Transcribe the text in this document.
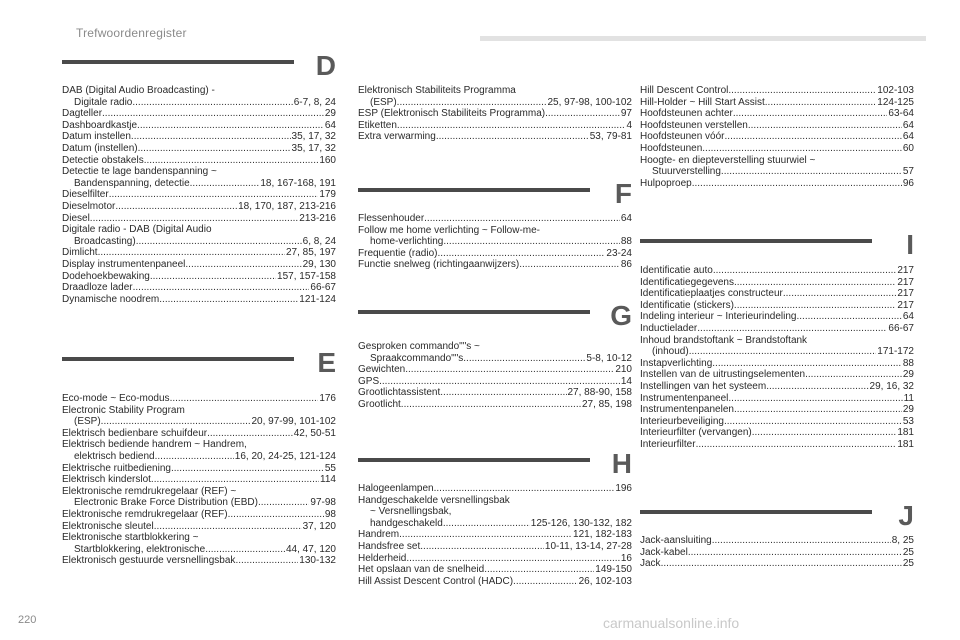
Trefwoordenregister
D
DAB (Digital Audio Broadcasting) -
Digitale radio .....	6-7, 8, 24
Dagteller .....	29
Dashboardkastje .....	64
Datum instellen .....	35, 17, 32
Datum (instellen) .....	35, 17, 32
Detectie obstakels .....	160
Detectie te lage bandenspanning ~
Bandenspanning, detectie .....	18, 167-168, 191
Dieselfilter .....	179
Dieselmotor .....	18, 170, 187, 213-216
Diesel .....	213-216
Digitale radio - DAB (Digital Audio
Broadcasting) .....	6, 8, 24
Dimlicht .....	27, 85, 197
Display instrumentenpaneel .....	29, 130
Dodehoekbewaking .....	157, 157-158
Draadloze lader .....	66-67
Dynamische noodrem .....	121-124
E
Eco-mode ~ Eco-modus .....	176
Electronic Stability Program
(ESP) .....	20, 97-99, 101-102
Elektrisch bedienbare schuifdeur .....	42, 50-51
Elektrisch bediende handrem ~ Handrem,
elektrisch bediend .....	16, 20, 24-25, 121-124
Elektrische ruitbediening .....	55
Elektrisch kinderslot .....	114
Elektronische remdrukregelaar (REF) ~
Electronic Brake Force Distribution (EBD) .....	97-98
Elektronische remdrukregelaar (REF) .....	98
Elektronische sleutel .....	37, 120
Elektronische startblokkering ~
Startblokkering, elektronische .....	44, 47, 120
Elektronisch gestuurde versnellingsbak .....	130-132
Elektronisch Stabiliteits Programma
(ESP) .....	25, 97-98, 100-102
ESP (Elektronisch Stabiliteits Programma) .....	97
Etiketten .....	4
Extra verwarming .....	53, 79-81
F
Flessenhouder .....	64
Follow me home verlichting ~ Follow-me-
home-verlichting .....	88
Frequentie (radio) .....	23-24
Functie snelweg (richtingaanwijzers) .....	86
G
Gesproken commando""s ~
Spraakcommando""s .....	5-8, 10-12
Gewichten .....	210
GPS .....	14
Grootlichtassistent .....	27, 88-90, 158
Grootlicht .....	27, 85, 198
H
Halogeenlampen .....	196
Handgeschakelde versnellingsbak
~ Versnellingsbak,
handgeschakeld .....	125-126, 130-132, 182
Handrem .....	121, 182-183
Handsfree set .....	10-11, 13-14, 27-28
Helderheid .....	16
Het opslaan van de snelheid .....	149-150
Hill Assist Descent Control (HADC) .....	26, 102-103
Hill Descent Control .....	102-103
Hill-Holder ~ Hill Start Assist .....	124-125
Hoofdsteunen achter .....	63-64
Hoofdsteunen verstellen .....	64
Hoofdsteunen vóór .....	64
Hoofdsteunen .....	60
Hoogte- en diepteverstelling stuurwiel ~
Stuurverstelling .....	57
Hulpoproep .....	96
I
Identificatie auto .....	217
Identificatiegegevens .....	217
Identificatieplaatjes constructeur .....	217
Identificatie (stickers) .....	217
Indeling interieur ~ Interieurindeling .....	64
Inductielader .....	66-67
Inhoud brandstoftank ~ Brandstoftank
(inhoud) .....	171-172
Instapverlichting .....	88
Instellen van de uitrustingselementen .....	29
Instellingen van het systeem .....	29, 16, 32
Instrumentenpaneel .....	11
Instrumentenpanelen .....	29
Interieurbeveiliging .....	53
Interieurfilter (vervangen) .....	181
Interieurfilter .....	181
J
Jack-aansluiting .....	8, 25
Jack-kabel .....	25
Jack .....	25
220	carmanualsonline.info
